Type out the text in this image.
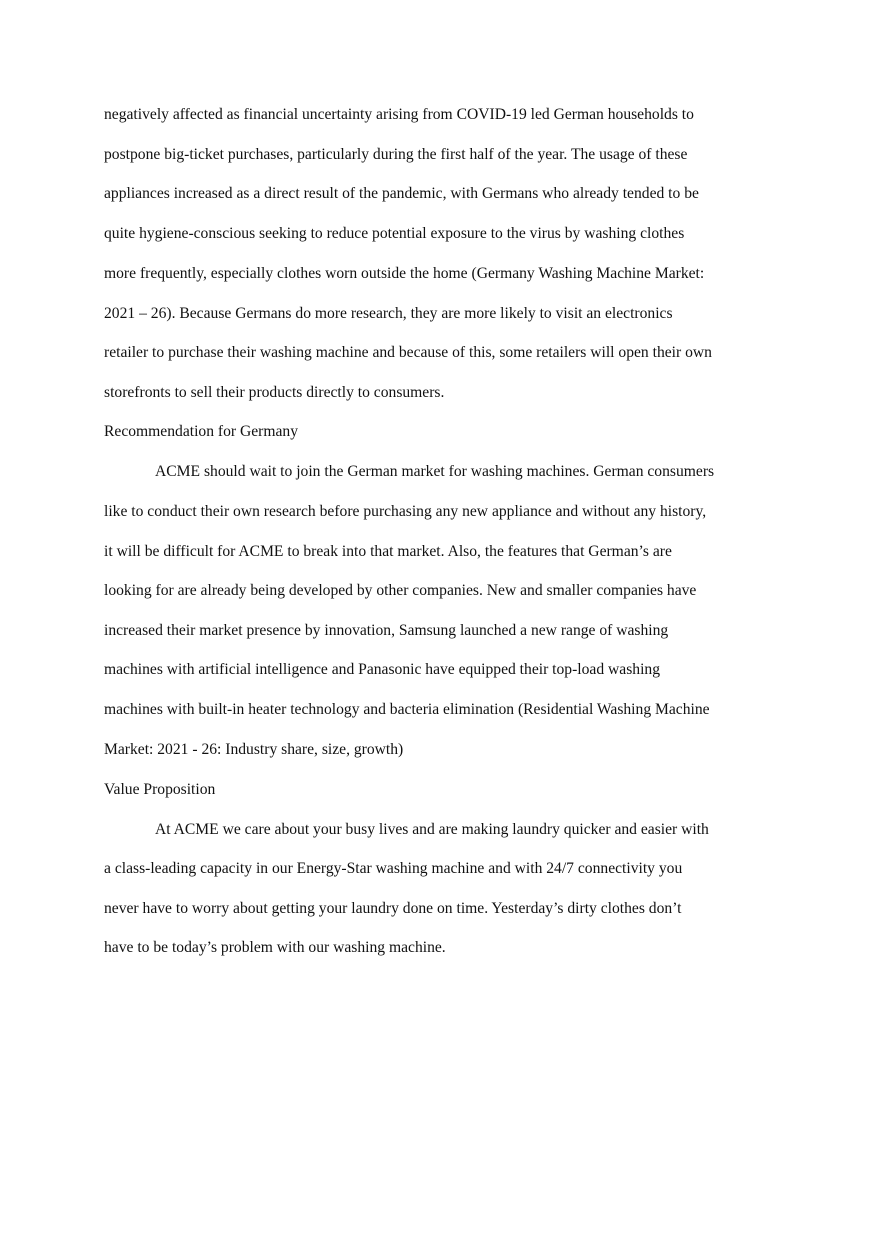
negatively affected as financial uncertainty arising from COVID-19 led German households to
postpone big-ticket purchases, particularly during the first half of the year. The usage of these
appliances increased as a direct result of the pandemic, with Germans who already tended to be
quite hygiene-conscious seeking to reduce potential exposure to the virus by washing clothes
more frequently, especially clothes worn outside the home (Germany Washing Machine Market:
2021 – 26). Because Germans do more research, they are more likely to visit an electronics
retailer to purchase their washing machine and because of this, some retailers will open their own
storefronts to sell their products directly to consumers.
Recommendation for Germany
ACME should wait to join the German market for washing machines. German consumers
like to conduct their own research before purchasing any new appliance and without any history,
it will be difficult for ACME to break into that market. Also, the features that German’s are
looking for are already being developed by other companies. New and smaller companies have
increased their market presence by innovation, Samsung launched a new range of washing
machines with artificial intelligence and Panasonic have equipped their top-load washing
machines with built-in heater technology and bacteria elimination (Residential Washing Machine
Market: 2021 - 26: Industry share, size, growth)
Value Proposition
At ACME we care about your busy lives and are making laundry quicker and easier with
a class-leading capacity in our Energy-Star washing machine and with 24/7 connectivity you
never have to worry about getting your laundry done on time. Yesterday’s dirty clothes don’t
have to be today’s problem with our washing machine.
